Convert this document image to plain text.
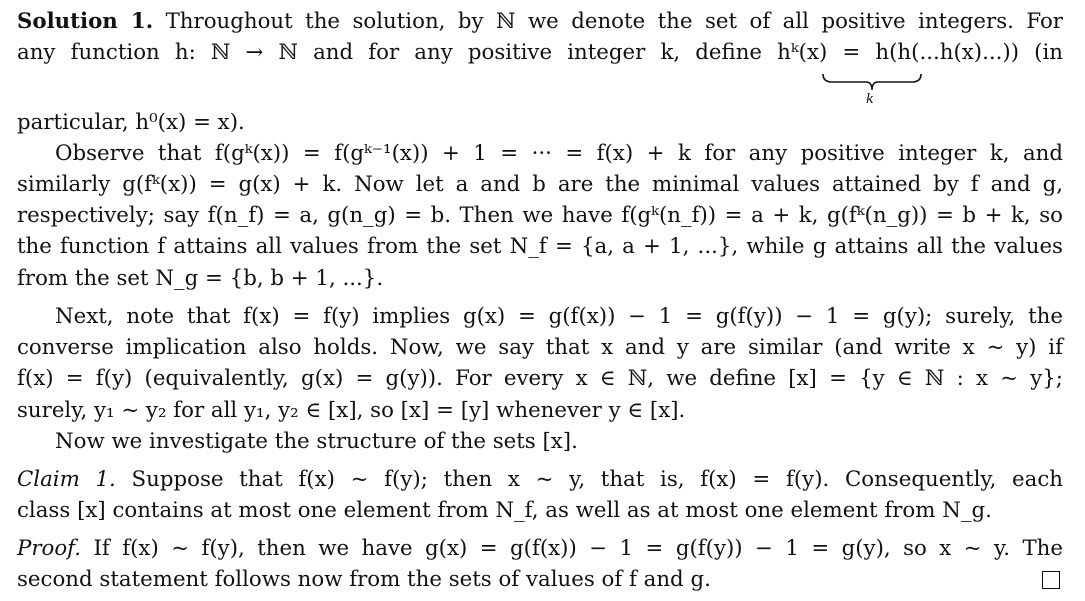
Solution 1. Throughout the solution, by ℕ we denote the set of all positive integers. For
any function h: ℕ → ℕ and for any positive integer k, define hᵏ(x) = h(h(...h(x)...)) (in
k
particular, h⁰(x) = x).
Observe that f(gᵏ(x)) = f(gᵏ⁻¹(x)) + 1 = ··· = f(x) + k for any positive integer k, and
similarly g(fᵏ(x)) = g(x) + k. Now let a and b are the minimal values attained by f and g,
respectively; say f(n_f) = a, g(n_g) = b. Then we have f(gᵏ(n_f)) = a + k, g(fᵏ(n_g)) = b + k, so
the function f attains all values from the set N_f = {a, a + 1, ...}, while g attains all the values
from the set N_g = {b, b + 1, ...}.
Next, note that f(x) = f(y) implies g(x) = g(f(x)) − 1 = g(f(y)) − 1 = g(y); surely, the
converse implication also holds. Now, we say that x and y are similar (and write x ~ y) if
f(x) = f(y) (equivalently, g(x) = g(y)). For every x ∈ ℕ, we define [x] = {y ∈ ℕ : x ~ y};
surely, y₁ ~ y₂ for all y₁, y₂ ∈ [x], so [x] = [y] whenever y ∈ [x].
Now we investigate the structure of the sets [x].
Claim 1. Suppose that f(x) ~ f(y); then x ~ y, that is, f(x) = f(y). Consequently, each
class [x] contains at most one element from N_f, as well as at most one element from N_g.
Proof. If f(x) ~ f(y), then we have g(x) = g(f(x)) − 1 = g(f(y)) − 1 = g(y), so x ~ y. The
second statement follows now from the sets of values of f and g.
